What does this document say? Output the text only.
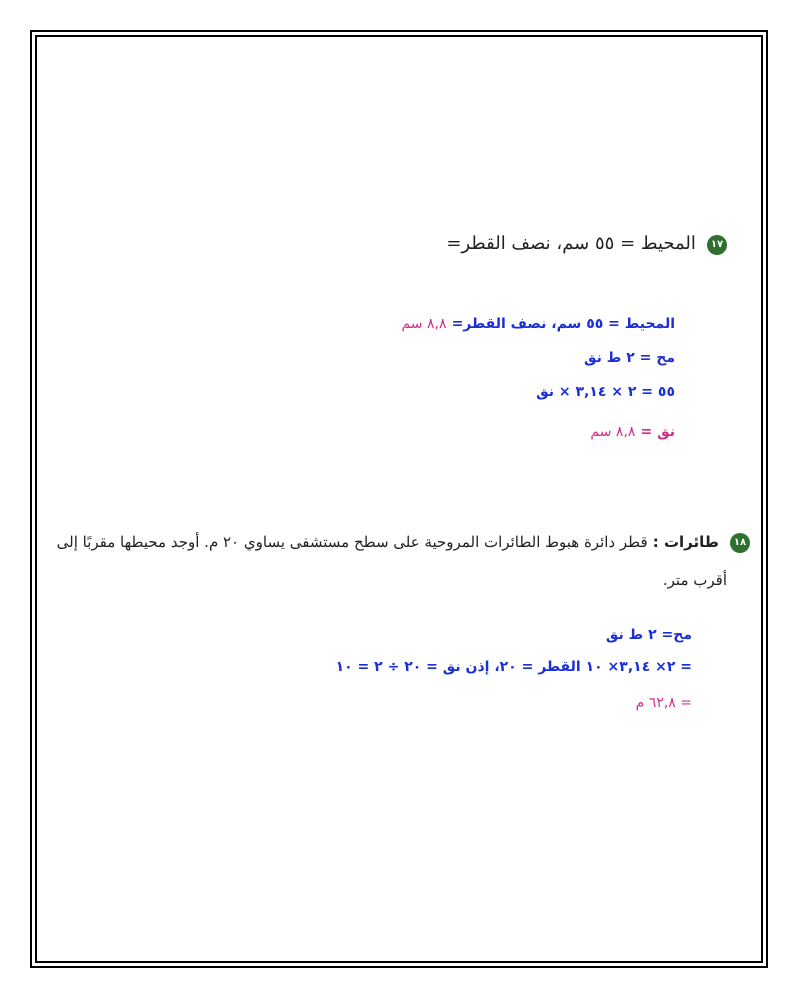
١٧ المحيط = ٥٥ سم، نصف القطر=
المحيط = ٥٥ سم، نصف القطر= ٨,٨ سم
مح = ٢ ط نق
٥٥ = ٢ × ٣,١٤ × نق
نق = ٨,٨ سم
١٨ طائرات : قطر دائرة هبوط الطائرات المروحية على سطح مستشفى يساوي ٢٠ م. أوجد محيطها مقربًا إلى
أقرب متر.
مح= ٢ ط نق
= ٢× ٣,١٤× ١٠ القطر = ٢٠، إذن نق = ٢٠ ÷ ٢ = ١٠
= ٦٢,٨ م
